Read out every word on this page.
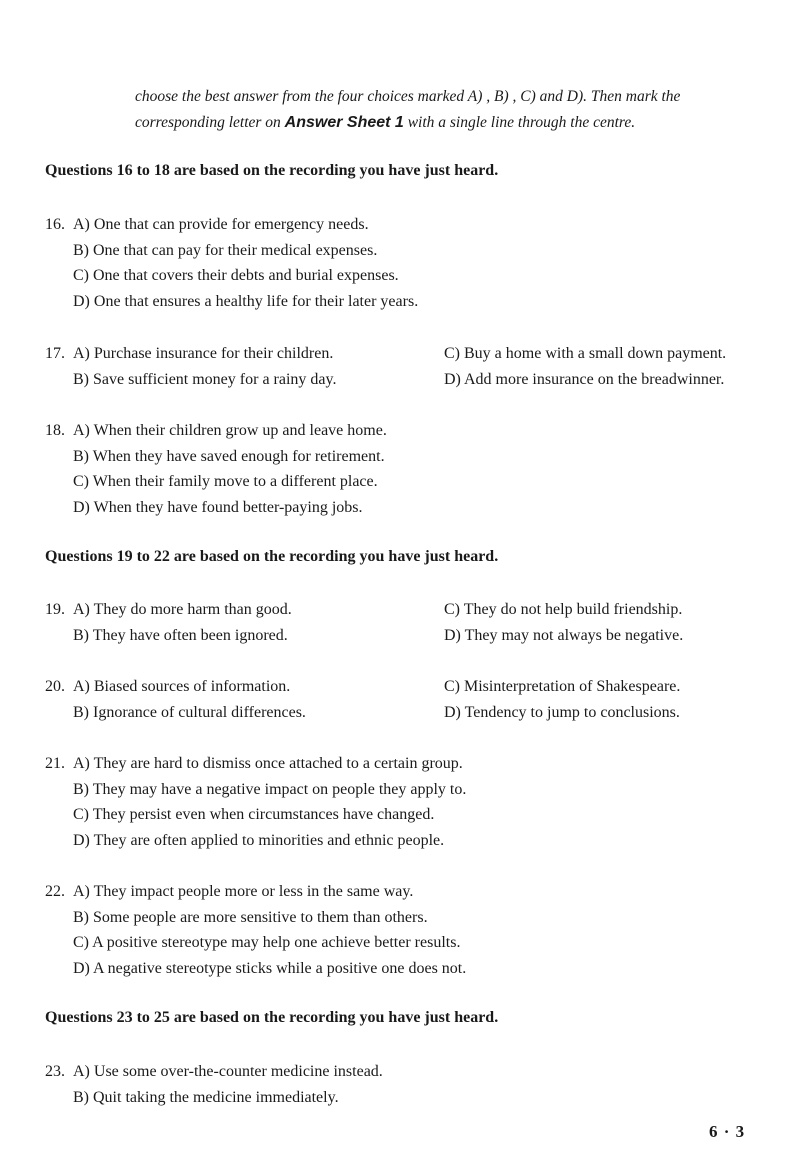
choose the best answer from the four choices marked A) , B) , C) and D). Then mark the
corresponding letter on Answer Sheet 1 with a single line through the centre.
Questions 16 to 18 are based on the recording you have just heard.
16. A) One that can provide for emergency needs.
B) One that can pay for their medical expenses.
C) One that covers their debts and burial expenses.
D) One that ensures a healthy life for their later years.
17. A) Purchase insurance for their children.	C) Buy a home with a small down payment.
B) Save sufficient money for a rainy day.	D) Add more insurance on the breadwinner.
18. A) When their children grow up and leave home.
B) When they have saved enough for retirement.
C) When their family move to a different place.
D) When they have found better-paying jobs.
Questions 19 to 22 are based on the recording you have just heard.
19. A) They do more harm than good.	C) They do not help build friendship.
B) They have often been ignored.	D) They may not always be negative.
20. A) Biased sources of information.	C) Misinterpretation of Shakespeare.
B) Ignorance of cultural differences.	D) Tendency to jump to conclusions.
21. A) They are hard to dismiss once attached to a certain group.
B) They may have a negative impact on people they apply to.
C) They persist even when circumstances have changed.
D) They are often applied to minorities and ethnic people.
22. A) They impact people more or less in the same way.
B) Some people are more sensitive to them than others.
C) A positive stereotype may help one achieve better results.
D) A negative stereotype sticks while a positive one does not.
Questions 23 to 25 are based on the recording you have just heard.
23. A) Use some over-the-counter medicine instead.
B) Quit taking the medicine immediately.
6 · 3
